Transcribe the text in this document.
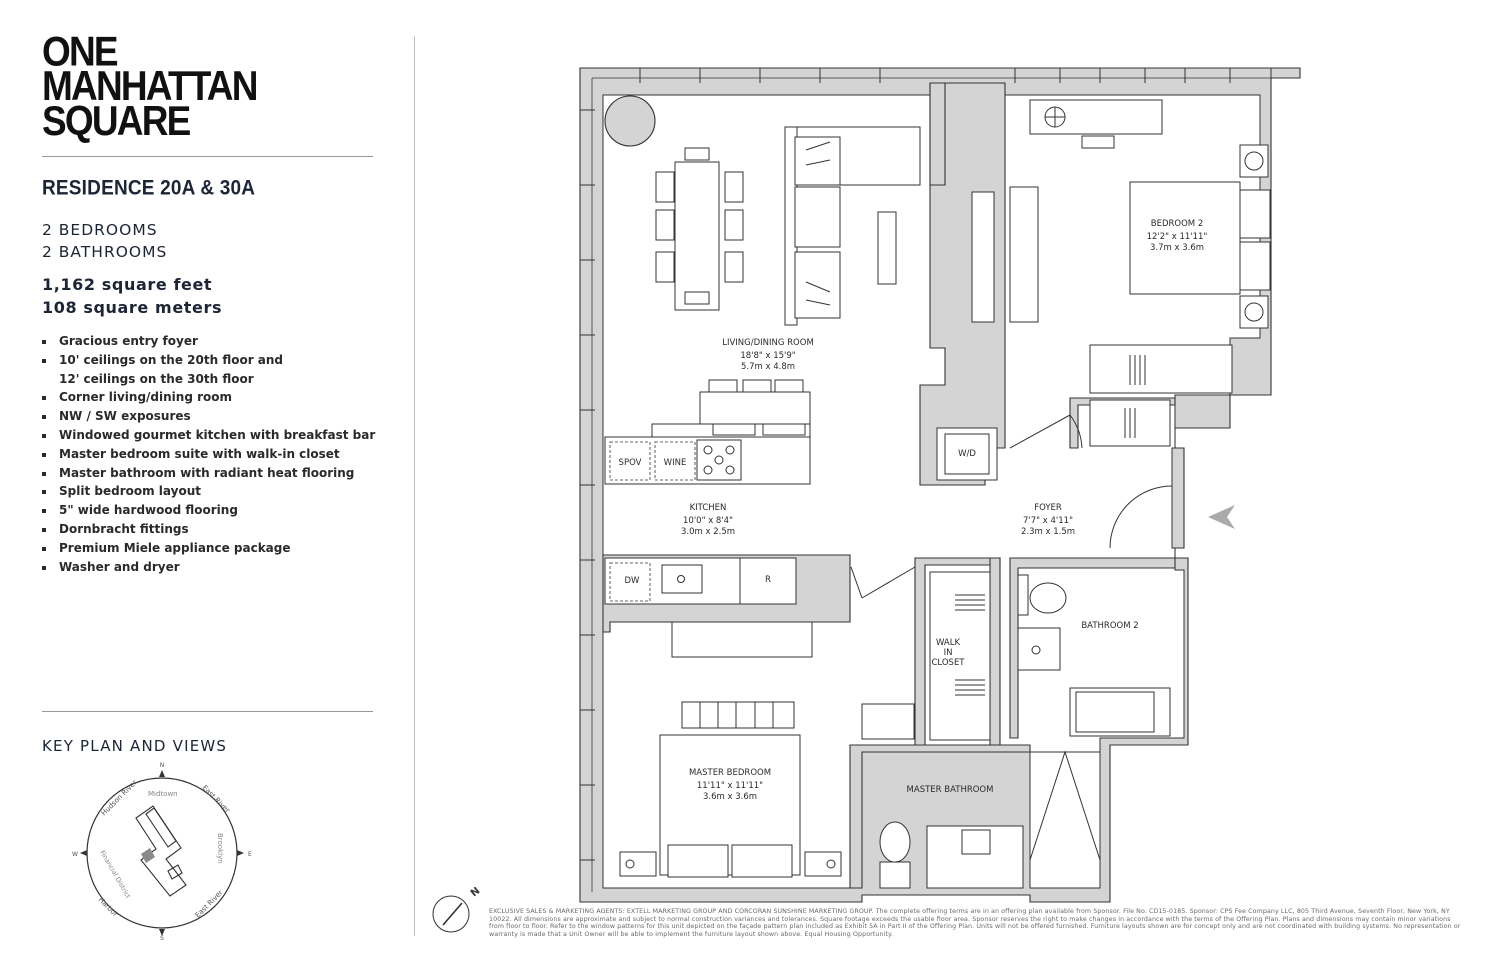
ONE
MANHATTAN
SQUARE
RESIDENCE 20A & 30A
2 BEDROOMS
2 BATHROOMS
1,162 square feet
108 square meters
Gracious entry foyer
10' ceilings on the 20th floor and
12' ceilings on the 30th floor
Corner living/dining room
NW / SW exposures
Windowed gourmet kitchen with breakfast bar
Master bedroom suite with walk-in closet
Master bathroom with radiant heat flooring
Split bedroom layout
5" wide hardwood flooring
Dornbracht fittings
Premium Miele appliance package
Washer and dryer
KEY PLAN AND VIEWS
N
S
W	E
Hudson River Midtown	East River
Brooklyn
East River
Harbor
Financial District
LIVING/DINING ROOM
18'8" x 15'9"
5.7m x 4.8m
BEDROOM 2
12'2" x 11'11"
3.7m x 3.6m
KITCHEN
10'0" x 8'4"
3.0m x 2.5m
FOYER
7'7" x 4'11"
2.3m x 1.5m
MASTER BEDROOM
11'11" x 11'11"
3.6m x 3.6m
BATHROOM 2
MASTER BATHROOM
WALK
IN
CLOSET
SPOV	WINE
DW	R
W/D
N
EXCLUSIVE SALES & MARKETING AGENTS: EXTELL MARKETING GROUP AND CORCORAN SUNSHINE MARKETING GROUP. The complete offering terms are in an offering plan available from Sponsor. File No. CD15-0185. Sponsor: CPS Fee Company LLC, 805 Third Avenue, Seventh Floor, New York, NY 10022. All dimensions are approximate and subject to normal construction variances and tolerances. Square footage exceeds the usable floor area. Sponsor reserves the right to make changes in accordance with the terms of the Offering Plan. Plans and dimensions may contain minor variations from floor to floor. Refer to the window patterns for this unit depicted on the façade pattern plan included as Exhibit 5A in Part II of the Offering Plan. Units will not be offered furnished. Furniture layouts shown are for concept only and are not coordinated with building systems. No representation or warranty is made that a Unit Owner will be able to implement the furniture layout shown above. Equal Housing Opportunity.
